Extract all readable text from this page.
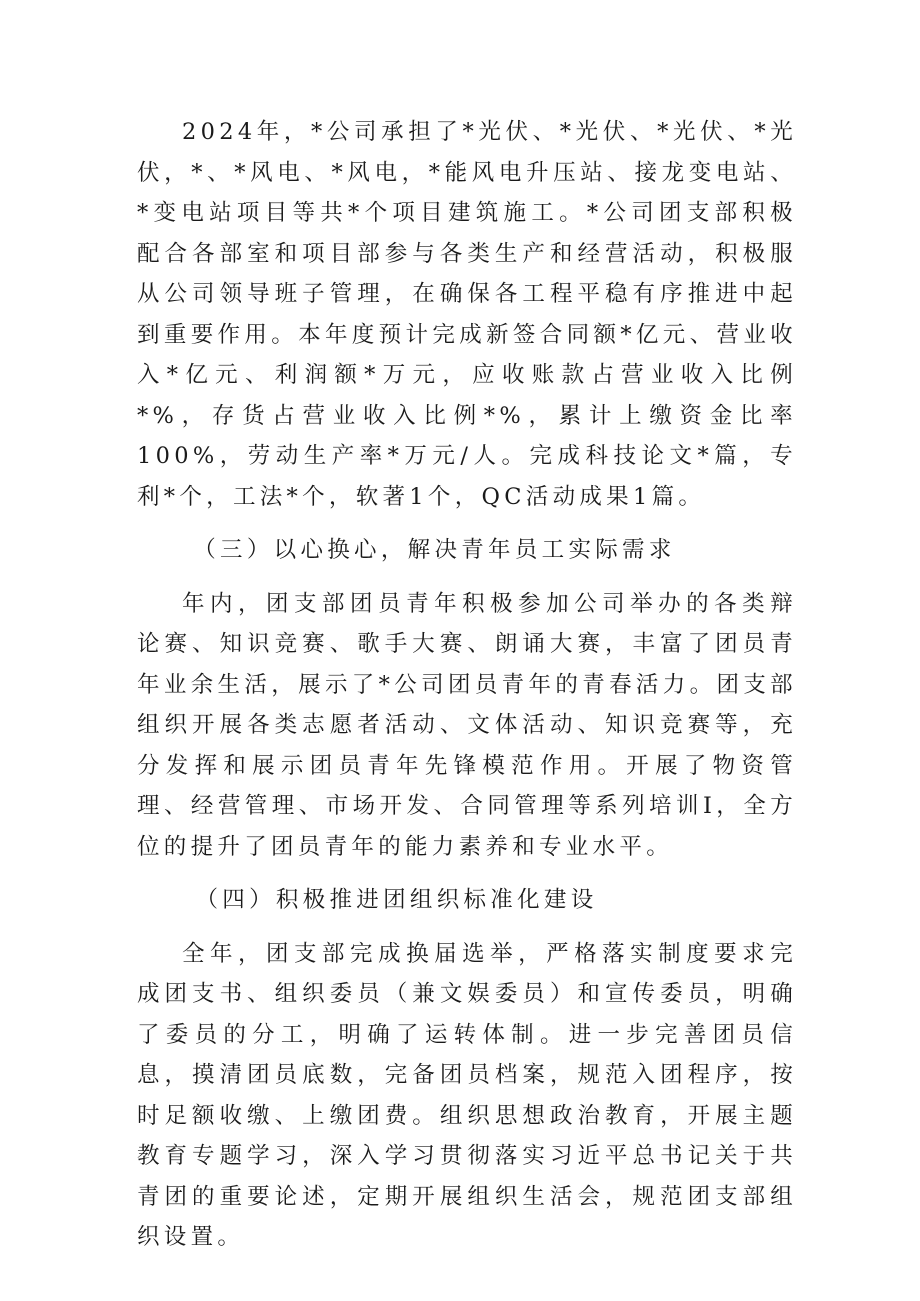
2024年，*公司承担了*光伏、*光伏、*光伏、*光伏，*、*风电、*风电，*能风电升压站、接龙变电站、*变电站项目等共*个项目建筑施工。*公司团支部积极配合各部室和项目部参与各类生产和经营活动，积极服从公司领导班子管理，在确保各工程平稳有序推进中起到重要作用。本年度预计完成新签合同额*亿元、营业收入*亿元、利润额*万元，应收账款占营业收入比例*%，存货占营业收入比例*%，累计上缴资金比率100%，劳动生产率*万元/人。完成科技论文*篇，专利*个，工法*个，软著1个，QC活动成果1篇。

（三）以心换心，解决青年员工实际需求

年内，团支部团员青年积极参加公司举办的各类辩论赛、知识竞赛、歌手大赛、朗诵大赛，丰富了团员青年业余生活，展示了*公司团员青年的青春活力。团支部组织开展各类志愿者活动、文体活动、知识竞赛等，充分发挥和展示团员青年先锋模范作用。开展了物资管理、经营管理、市场开发、合同管理等系列培训I，全方位的提升了团员青年的能力素养和专业水平。

（四）积极推进团组织标准化建设

全年，团支部完成换届选举，严格落实制度要求完成团支书、组织委员（兼文娱委员）和宣传委员，明确了委员的分工，明确了运转体制。进一步完善团员信息，摸清团员底数，完备团员档案，规范入团程序，按时足额收缴、上缴团费。组织思想政治教育，开展主题教育专题学习，深入学习贯彻落实习近平总书记关于共青团的重要论述，定期开展组织生活会，规范团支部组织设置。
